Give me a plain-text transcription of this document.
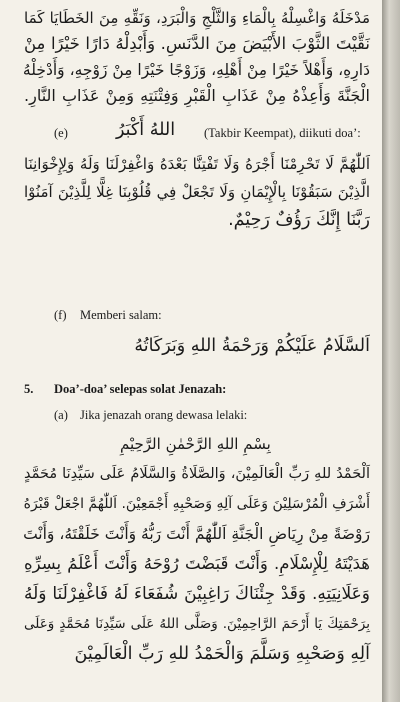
مَدْخَلَهُ وَاغْسِلْهُ بِالْمَاءِ وَالثَّلْجِ وَالْبَرَدِ، وَنَقِّهِ مِنَ الخَطَايَا كَمَا
نَقَّيْتَ الثَّوْبَ الأَبْيَضَ مِنَ الدَّنَسِ. وَأَبْدِلْهُ دَارًا خَيْرًا مِنْ
دَارِهِ، وَأَهْلاً خَيْرًا مِنْ أَهْلِهِ، وَزَوْجًا خَيْرًا مِنْ زَوْجِهِ، وَأَدْخِلْهُ
الْجَنَّةَ وَأَعِذْهُ مِنْ عَذَابِ الْقَبْرِ وَفِتْنَتِهِ وَمِنْ عَذَابِ النَّارِ.
(e)	اللهُ أَكْبَرُ (Takbir Keempat), diikuti doa’:
اَللّٰهُمَّ لَا تَحْرِمْنَا أَجْرَهُ وَلَا تَفْتِنَّا بَعْدَهُ وَاغْفِرْلَنَا وَلَهُ وَلِإِخْوَانِنَا
الَّذِيْنَ سَبَقُوْنَا بِالْإِيْمَانِ وَلَا تَجْعَلْ فِي قُلُوْبِنَا غِلًّا لِلَّذِيْنَ آمَنُوْا
رَبَّنَا إِنَّكَ رَؤُفٌ رَحِيْمٌ.
(f) Memberi salam:
اَلسَّلَامُ عَلَيْكُمْ وَرَحْمَةُ اللهِ وَبَرَكَاتُهُ
5. Doa’-doa’ selepas solat Jenazah:
(a) Jika jenazah orang dewasa lelaki:
بِسْمِ اللهِ الرَّحْمٰنِ الرَّحِيْمِ
اَلْحَمْدُ للهِ رَبِّ الْعَالَمِيْنَ، وَالصَّلَاةُ وَالسَّلَامُ عَلَى سَيِّدِنَا مُحَمَّدٍ
أَشْرَفِ الْمُرْسَلِيْنَ وَعَلَى آلِهِ وَصَحْبِهِ أَجْمَعِيْنَ. اَللّٰهُمَّ اجْعَلْ قَبْرَهُ
رَوْضَةً مِنْ رِيَاضِ الْجَنَّةِ اَللّٰهُمَّ أَنْتَ رَبُّهُ وَأَنْتَ خَلَقْتَهُ، وَأَنْتَ
هَدَيْتَهُ لِلْإِسْلَامِ. وَأَنْتَ قَبَضْتَ رُوْحَهُ وَأَنْتَ أَعْلَمُ بِسِرِّهِ
وَعَلَانِيَتِهِ. وَقَدْ جِئْنَاكَ رَاغِبِيْنَ شُفَعَاءَ لَهُ فَاغْفِرْلَنَا وَلَهُ
بِرَحْمَتِكَ يَا أَرْحَمَ الرَّاحِمِيْنَ. وَصَلَّى اللهُ عَلَى سَيِّدِنَا مُحَمَّدٍ وَعَلَى
آلِهِ وَصَحْبِهِ وَسَلَّمَ وَالْحَمْدُ للهِ رَبِّ الْعَالَمِيْنَ
